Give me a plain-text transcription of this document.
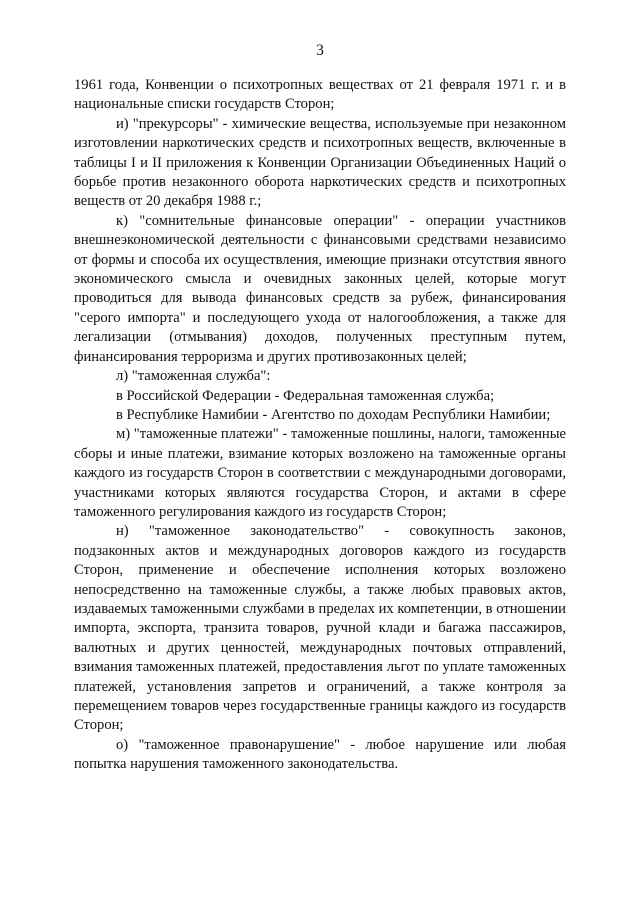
3

1961 года, Конвенции о психотропных веществах от 21 февраля 1971 г. и в национальные списки государств Сторон;

и) "прекурсоры" - химические вещества, используемые при незаконном изготовлении наркотических средств и психотропных веществ, включенные в таблицы I и II приложения к Конвенции Организации Объединенных Наций о борьбе против незаконного оборота наркотических средств и психотропных веществ от 20 декабря 1988 г.;

к) "сомнительные финансовые операции" - операции участников внешнеэкономической деятельности с финансовыми средствами независимо от формы и способа их осуществления, имеющие признаки отсутствия явного экономического смысла и очевидных законных целей, которые могут проводиться для вывода финансовых средств за рубеж, финансирования "серого импорта" и последующего ухода от налогообложения, а также для легализации (отмывания) доходов, полученных преступным путем, финансирования терроризма и других противозаконных целей;

л) "таможенная служба":

в Российской Федерации - Федеральная таможенная служба;

в Республике Намибии - Агентство по доходам Республики Намибии;

м) "таможенные платежи" - таможенные пошлины, налоги, таможенные сборы и иные платежи, взимание которых возложено на таможенные органы каждого из государств Сторон в соответствии с международными договорами, участниками которых являются государства Сторон, и актами в сфере таможенного регулирования каждого из государств Сторон;

н) "таможенное законодательство" - совокупность законов, подзаконных актов и международных договоров каждого из государств Сторон, применение и обеспечение исполнения которых возложено непосредственно на таможенные службы, а также любых правовых актов, издаваемых таможенными службами в пределах их компетенции, в отношении импорта, экспорта, транзита товаров, ручной клади и багажа пассажиров, валютных и других ценностей, международных почтовых отправлений, взимания таможенных платежей, предоставления льгот по уплате таможенных платежей, установления запретов и ограничений, а также контроля за перемещением товаров через государственные границы каждого из государств Сторон;

о) "таможенное правонарушение" - любое нарушение или любая попытка нарушения таможенного законодательства.
